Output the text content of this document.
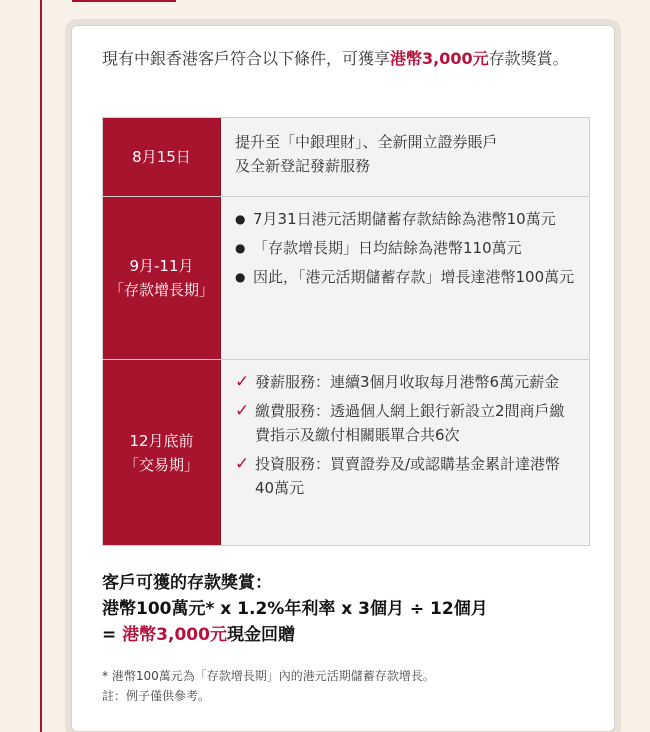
現有中銀香港客戶符合以下條件，可獲享港幣3,000元存款獎賞。
8月15日
提升至「中銀理財」、全新開立證券賬戶
及全新登記發薪服務
9月-11月
「存款增長期」
● 7月31日港元活期儲蓄存款結餘為港幣10萬元
● 「存款增長期」日均結餘為港幣110萬元
● 因此，「港元活期儲蓄存款」增長達港幣100萬元
12月底前
「交易期」
✓ 發薪服務：連續3個月收取每月港幣6萬元薪金
✓ 繳費服務：透過個人網上銀行新設立2間商戶繳費指示及繳付相關賬單合共6次
✓ 投資服務：買賣證券及/或認購基金累計達港幣40萬元
客戶可獲的存款獎賞：
港幣100萬元* x 1.2%年利率 x 3個月 ÷ 12個月
= 港幣3,000元現金回贈
* 港幣100萬元為「存款增長期」內的港元活期儲蓄存款增長。
註：例子僅供參考。
